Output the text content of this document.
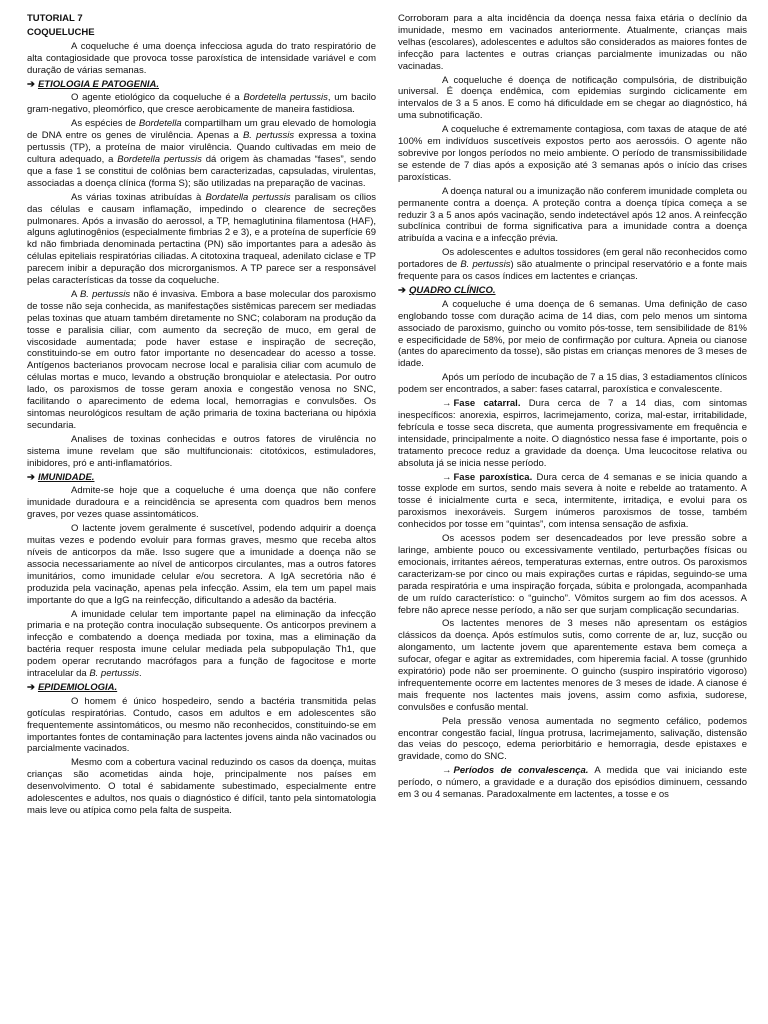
TUTORIAL 7

COQUELUCHE

A coqueluche é uma doença infecciosa aguda do trato respiratório de alta contagiosidade que provoca tosse paroxística de intensidade variável e com duração de várias semanas.

➔ ETIOLOGIA E PATOGENIA.

O agente etiológico da coqueluche é a Bordetella pertussis, um bacilo gram-negativo, pleomórfico, que cresce aerobicamente de maneira fastidiosa.

As espécies de Bordetella compartilham um grau elevado de homologia de DNA entre os genes de virulência. Apenas a B. pertussis expressa a toxina pertussis (TP), a proteína de maior virulência. Quando cultivadas em meio de cultura adequado, a Bordetella pertussis dá origem às chamadas “fases”, sendo que a fase 1 se constitui de colônias bem caracterizadas, capsuladas, virulentas, associadas a doença clínica (forma S); são utilizadas na preparação de vacinas.

As várias toxinas atribuídas à Bordatella pertussis paralisam os cílios das células e causam inflamação, impedindo o clearence de secreções pulmonares. Após a invasão do aerossol, a TP, hemaglutinina filamentosa (HAF), alguns aglutinogênios (especialmente fimbrias 2 e 3), e a proteína de superfície 69 kd não fimbriada denominada pertactina (PN) são importantes para a adesão às células epiteliais respiratórias ciliadas. A citotoxina traqueal, adenilato ciclase e TP parecem inibir a depuração dos microrganismos. A TP parece ser a responsável pelas características da tosse da coqueluche.

A B. pertussis não é invasiva. Embora a base molecular dos paroxismo de tosse não seja conhecida, as manifestações sistêmicas parecem ser mediadas pelas toxinas que atuam também diretamente no SNC; colaboram na produção da tosse e paralisia ciliar, com aumento da secreção de muco, em geral de viscosidade aumentada; pode haver estase e inspiração de secreção, constituindo-se em outro fator importante no desencadear do acesso a tosse. Antígenos bacterianos provocam necrose local e paralisia ciliar com acumulo de células mortas e muco, levando a obstrução bronquiolar e atelectasia. Por outro lado, os paroxismos de tosse geram anoxia e congestão venosa no SNC, facilitando o aparecimento de edema local, hemorragias e convulsões. Os sintomas neurológicos resultam de ação primaria de toxina bacteriana ou hipóxia secundaria.

Analises de toxinas conhecidas e outros fatores de virulência no sistema imune revelam que são multifuncionais: citotóxicos, estimuladores, inibidores, pró e anti-inflamatórios.

➔ IMUNIDADE.

Admite-se hoje que a coqueluche é uma doença que não confere imunidade duradoura e a reincidência se apresenta com quadros bem menos graves, por vezes quase assintomáticos.

O lactente jovem geralmente é suscetível, podendo adquirir a doença muitas vezes e podendo evoluir para formas graves, mesmo que receba altos níveis de anticorpos da mãe. Isso sugere que a imunidade a doença não se associa necessariamente ao nível de anticorpos circulantes, mas a outros fatores imunitários, como imunidade celular e/ou secretora. A IgA secretória não é produzida pela vacinação, apenas pela infecção. Assim, ela tem um papel mais importante do que a IgG na reinfecção, dificultando a adesão da bactéria.

A imunidade celular tem importante papel na eliminação da infecção primaria e na proteção contra inoculação subsequente. Os anticorpos previnem a infecção e combatendo a doença mediada por toxina, mas a eliminação da bactéria requer resposta imune celular mediada pela subpopulação Th1, que podem operar recrutando macrófagos para a função de fagocitose e morte intracelular da B. pertussis.

➔ EPIDEMIOLOGIA.

O homem é único hospedeiro, sendo a bactéria transmitida pelas gotículas respiratórias. Contudo, casos em adultos e em adolescentes são frequentemente assintomáticos, ou mesmo não reconhecidos, constituindo-se em importantes fontes de contaminação para lactentes jovens ainda não vacinados ou parcialmente vacinados.

Mesmo com a cobertura vacinal reduzindo os casos da doença, muitas crianças são acometidas ainda hoje, principalmente nos países em desenvolvimento. O total é sabidamente subestimado, especialmente entre adolescentes e adultos, nos quais o diagnóstico é difícil, tanto pela sintomatologia mais leve ou atípica como pela falta de suspeita.

Corroboram para a alta incidência da doença nessa faixa etária o declínio da imunidade, mesmo em vacinados anteriormente. Atualmente, crianças mais velhas (escolares), adolescentes e adultos são considerados as maiores fontes de infecção para lactentes e outras crianças parcialmente imunizadas ou não vacinadas.

A coqueluche é doença de notificação compulsória, de distribuição universal. É doença endêmica, com epidemias surgindo ciclicamente em intervalos de 3 a 5 anos. E como há dificuldade em se chegar ao diagnóstico, há uma subnotificação.

A coqueluche é extremamente contagiosa, com taxas de ataque de até 100% em indivíduos suscetíveis expostos perto aos aerossóis. O agente não sobrevive por longos períodos no meio ambiente. O período de transmissibilidade se estende de 7 dias após a exposição até 3 semanas após o início das crises paroxísticas.

A doença natural ou a imunização não conferem imunidade completa ou permanente contra a doença. A proteção contra a doença típica começa a se reduzir 3 a 5 anos após vacinação, sendo indetectável após 12 anos. A reinfecção subclínica contribui de forma significativa para a imunidade contra a doença atribuída a vacina e a infecção prévia.

Os adolescentes e adultos tossidores (em geral não reconhecidos como portadores de B. pertussis) são atualmente o principal reservatório e a fonte mais frequente para os casos índices em lactentes e crianças.

➔ QUADRO CLÍNICO.

A coqueluche é uma doença de 6 semanas. Uma definição de caso englobando tosse com duração acima de 14 dias, com pelo menos um sintoma associado de paroxismo, guincho ou vomito pós-tosse, tem sensibilidade de 81% e especificidade de 58%, por meio de confirmação por cultura. Apneia ou cianose (antes do aparecimento da tosse), são pistas em crianças menores de 3 meses de idade.

Após um período de incubação de 7 a 15 dias, 3 estadiamentos clínicos podem ser encontrados, a saber: fases catarral, paroxística e convalescente.

→ Fase catarral. Dura cerca de 7 a 14 dias, com sintomas inespecíficos: anorexia, espirros, lacrimejamento, coriza, mal-estar, irritabilidade, febrícula e tosse seca discreta, que aumenta progressivamente em frequência e intensidade, principalmente a noite. O diagnóstico nessa fase é importante, pois o tratamento precoce reduz a gravidade da doença. Uma leucocitose relativa ou absoluta já se inicia nesse período.

→ Fase paroxística. Dura cerca de 4 semanas e se inicia quando a tosse explode em surtos, sendo mais severa à noite e rebelde ao tratamento. A tosse é inicialmente curta e seca, intermitente, irritadiça, e evolui para os paroxismos inexoráveis. Surgem inúmeros paroxismos de tosse, também conhecidos por tosse em “quintas”, com intensa sensação de asfixia.

Os acessos podem ser desencadeados por leve pressão sobre a laringe, ambiente pouco ou excessivamente ventilado, perturbações físicas ou emocionais, irritantes aéreos, temperaturas externas, entre outros. Os paroxismos caracterizam-se por cinco ou mais expirações curtas e rápidas, seguindo-se uma parada respiratória e uma inspiração forçada, súbita e prolongada, acompanhada de um ruído característico: o “guincho”. Vômitos surgem ao fim dos acessos. A febre não aprece nesse período, a não ser que surjam complicação secundarias.

Os lactentes menores de 3 meses não apresentam os estágios clássicos da doença. Após estímulos sutis, como corrente de ar, luz, sucção ou alongamento, um lactente jovem que aparentemente estava bem começa a sufocar, ofegar e agitar as extremidades, com hiperemia facial. A tosse (grunhido expiratório) pode não ser proeminente. O guincho (suspiro inspiratório vigoroso) infrequentemente ocorre em lactentes menores de 3 meses de idade. A cianose é mais frequente nos lactentes mais jovens, assim como asfixia, sudorese, convulsões e confusão mental.

Pela pressão venosa aumentada no segmento cefálico, podemos encontrar congestão facial, língua protrusa, lacrimejamento, salivação, distensão das veias do pescoço, edema periorbitário e hemorragia, desde epistaxes e gravidade, como do SNC.

→ Períodos de convalescença. A medida que vai iniciando este período, o número, a gravidade e a duração dos episódios diminuem, cessando em 3 ou 4 semanas. Paradoxalmente em lactentes, a tosse e os
